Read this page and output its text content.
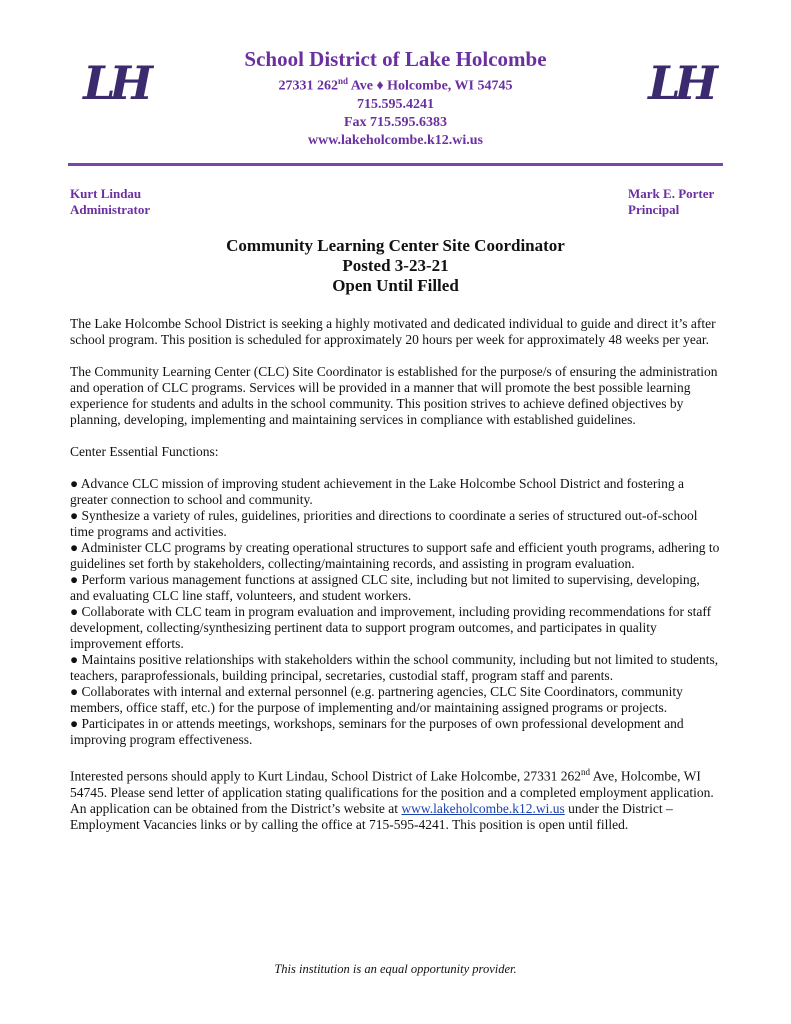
LH	LH
School District of Lake Holcombe
27331 262nd Ave ♦ Holcombe, WI 54745
715.595.4241
Fax 715.595.6383
www.lakeholcombe.k12.wi.us
Kurt Lindau
Administrator
Mark E. Porter
Principal
Community Learning Center Site Coordinator
Posted 3-23-21
Open Until Filled

The Lake Holcombe School District is seeking a highly motivated and dedicated individual to guide and direct it’s after school program. This position is scheduled for approximately 20 hours per week for approximately 48 weeks per year.

The Community Learning Center (CLC) Site Coordinator is established for the purpose/s of ensuring the administration and operation of CLC programs. Services will be provided in a manner that will promote the best possible learning experience for students and adults in the school community. This position strives to achieve defined objectives by planning, developing, implementing and maintaining services in compliance with established guidelines.

Center Essential Functions:

● Advance CLC mission of improving student achievement in the Lake Holcombe School District and fostering a greater connection to school and community.
● Synthesize a variety of rules, guidelines, priorities and directions to coordinate a series of structured out-of-school time programs and activities.
● Administer CLC programs by creating operational structures to support safe and efficient youth programs, adhering to guidelines set forth by stakeholders, collecting/maintaining records, and assisting in program evaluation.
● Perform various management functions at assigned CLC site, including but not limited to supervising, developing, and evaluating CLC line staff, volunteers, and student workers.
● Collaborate with CLC team in program evaluation and improvement, including providing recommendations for staff development, collecting/synthesizing pertinent data to support program outcomes, and participates in quality improvement efforts.
● Maintains positive relationships with stakeholders within the school community, including but not limited to students, teachers, paraprofessionals, building principal, secretaries, custodial staff, program staff and parents.
● Collaborates with internal and external personnel (e.g. partnering agencies, CLC Site Coordinators, community members, office staff, etc.) for the purpose of implementing and/or maintaining assigned programs or projects.
● Participates in or attends meetings, workshops, seminars for the purposes of own professional development and improving program effectiveness.

Interested persons should apply to Kurt Lindau, School District of Lake Holcombe, 27331 262nd Ave, Holcombe, WI 54745. Please send letter of application stating qualifications for the position and a completed employment application. An application can be obtained from the District’s website at www.lakeholcombe.k12.wi.us under the District – Employment Vacancies links or by calling the office at 715-595-4241. This position is open until filled.

This institution is an equal opportunity provider.
